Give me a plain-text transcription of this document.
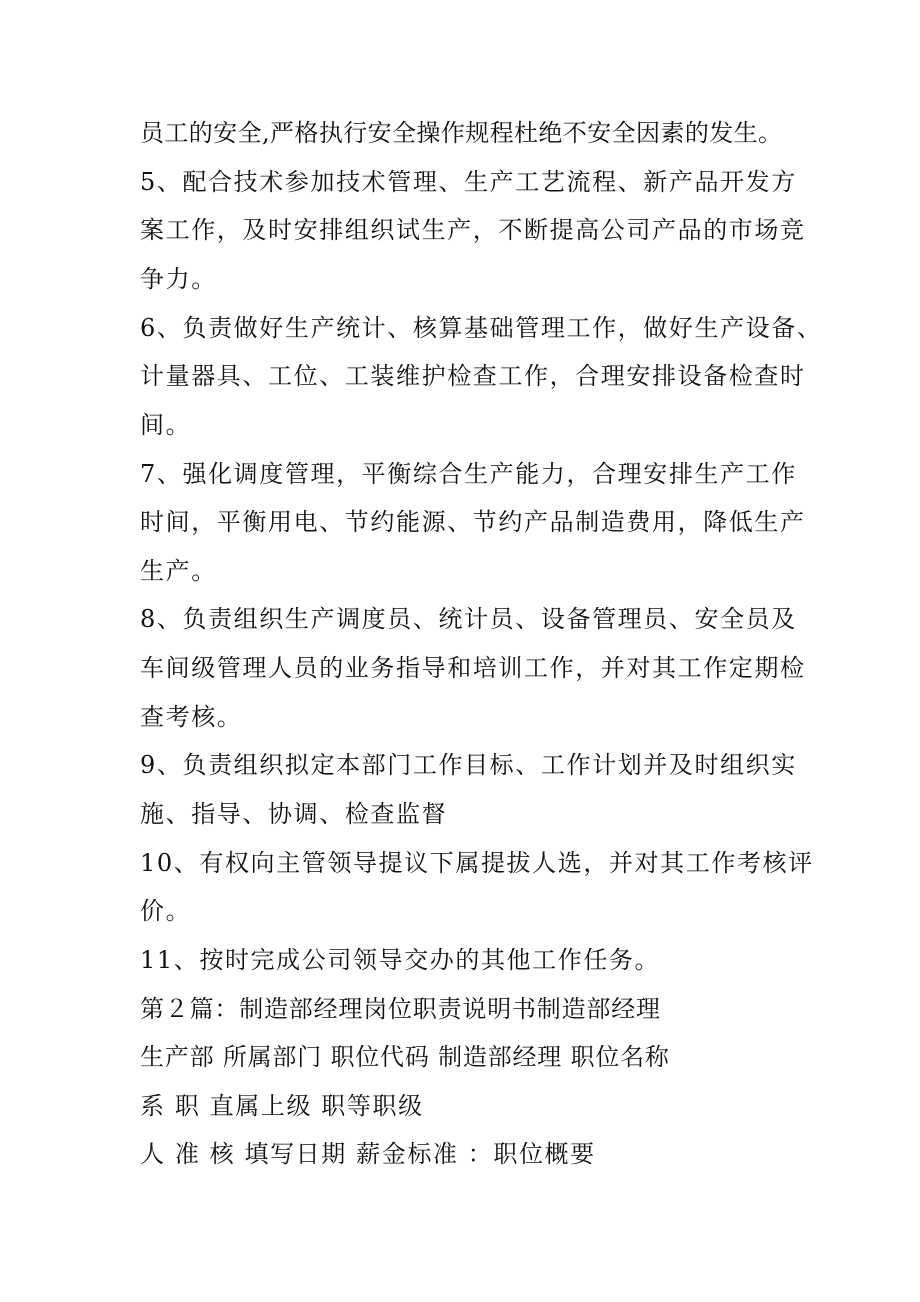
员工的安全,严格执行安全操作规程杜绝不安全因素的发生。
5、配合技术参加技术管理、生产工艺流程、新产品开发方
案工作，及时安排组织试生产，不断提高公司产品的市场竞
争力。
6、负责做好生产统计、核算基础管理工作，做好生产设备、
计量器具、工位、工装维护检查工作，合理安排设备检查时
间。
7、强化调度管理，平衡综合生产能力，合理安排生产工作
时间，平衡用电、节约能源、节约产品制造费用，降低生产
生产。
8、负责组织生产调度员、统计员、设备管理员、安全员及
车间级管理人员的业务指导和培训工作，并对其工作定期检
查考核。
9、负责组织拟定本部门工作目标、工作计划并及时组织实
施、指导、协调、检查监督
10、有权向主管领导提议下属提拔人选，并对其工作考核评
价。
11、按时完成公司领导交办的其他工作任务。
第２篇：制造部经理岗位职责说明书制造部经理
生产部 所属部门 职位代码 制造部经理 职位名称
系 职 直属上级 职等职级
人 准 核 填写日期 薪金标准 ：职位概要
